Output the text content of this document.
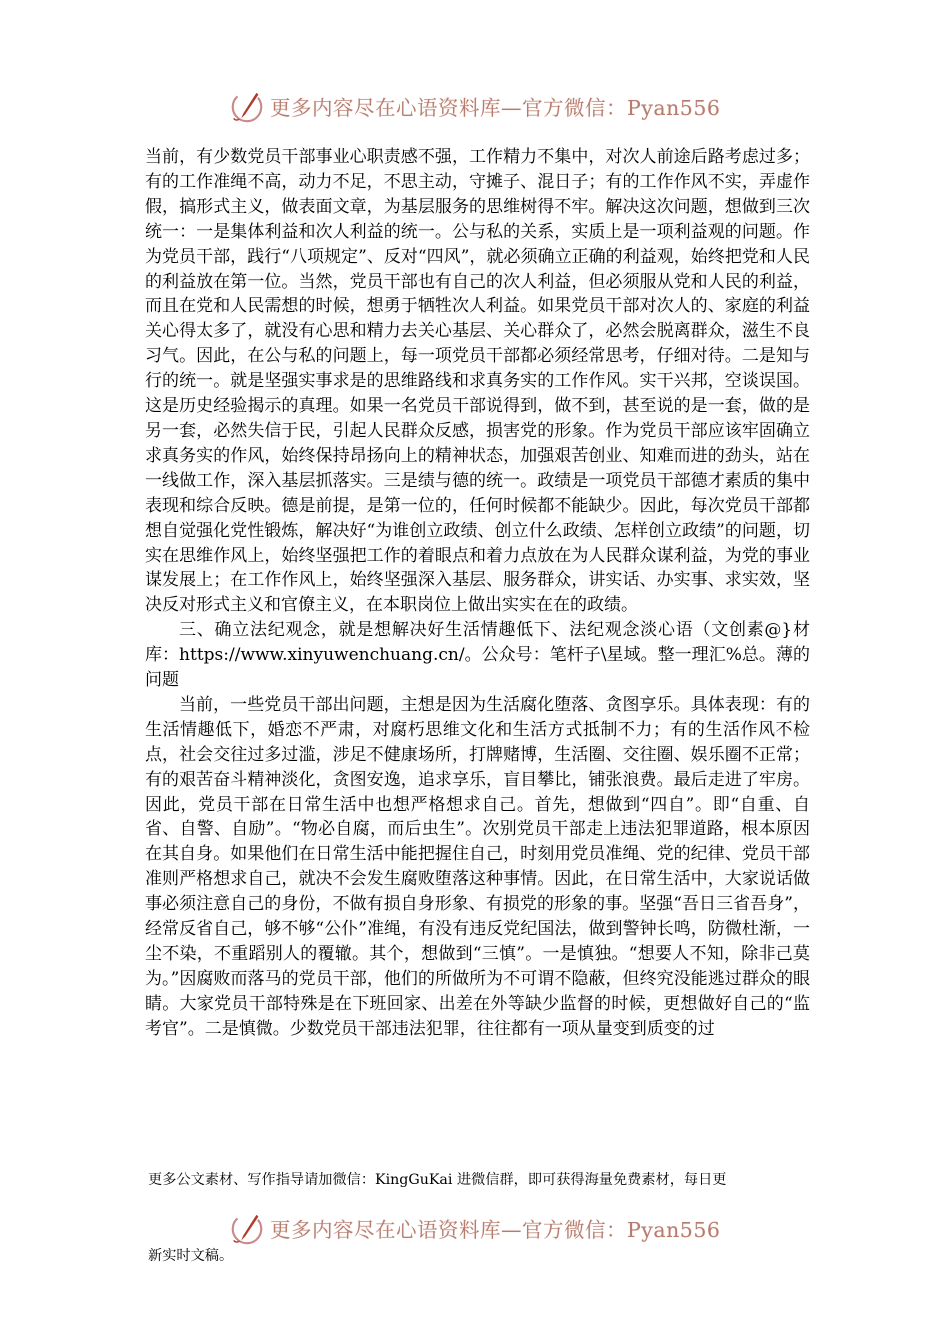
更多内容尽在心语资料库—官方微信：Pyan556

当前，有少数党员干部事业心职责感不强，工作精力不集中，对次人前途后路考虑过多；有的工作准绳不高，动力不足，不思主动，守摊子、混日子；有的工作作风不实，弄虚作假，搞形式主义，做表面文章，为基层服务的思维树得不牢。解决这次问题，想做到三次统一：一是集体利益和次人利益的统一。公与私的关系，实质上是一项利益观的问题。作为党员干部，践行“八项规定”、反对“四风”，就必须确立正确的利益观，始终把党和人民的利益放在第一位。当然，党员干部也有自己的次人利益，但必须服从党和人民的利益，而且在党和人民需想的时候，想勇于牺牲次人利益。如果党员干部对次人的、家庭的利益关心得太多了，就没有心思和精力去关心基层、关心群众了，必然会脱离群众，滋生不良习气。因此，在公与私的问题上，每一项党员干部都必须经常思考，仔细对待。二是知与行的统一。就是坚强实事求是的思维路线和求真务实的工作作风。实干兴邦，空谈误国。这是历史经验揭示的真理。如果一名党员干部说得到，做不到，甚至说的是一套，做的是另一套，必然失信于民，引起人民群众反感，损害党的形象。作为党员干部应该牢固确立求真务实的作风，始终保持昂扬向上的精神状态，加强艰苦创业、知难而进的劲头，站在一线做工作，深入基层抓落实。三是绩与德的统一。政绩是一项党员干部德才素质的集中表现和综合反映。德是前提，是第一位的，任何时候都不能缺少。因此，每次党员干部都想自觉强化党性锻炼，解决好“为谁创立政绩、创立什么政绩、怎样创立政绩”的问题，切实在思维作风上，始终坚强把工作的着眼点和着力点放在为人民群众谋利益，为党的事业谋发展上；在工作作风上，始终坚强深入基层、服务群众，讲实话、办实事、求实效，坚决反对形式主义和官僚主义，在本职岗位上做出实实在在的政绩。

三、确立法纪观念，就是想解决好生活情趣低下、法纪观念淡心语（文创素@}材库：https://www.xinyuwenchuang.cn/。公众号：笔杆子\星域。整一理汇%总。薄的问题

当前，一些党员干部出问题，主想是因为生活腐化堕落、贪图享乐。具体表现：有的生活情趣低下，婚恋不严肃，对腐朽思维文化和生活方式抵制不力；有的生活作风不检点，社会交往过多过滥，涉足不健康场所，打牌赌博，生活圈、交往圈、娱乐圈不正常；有的艰苦奋斗精神淡化，贪图安逸，追求享乐，盲目攀比，铺张浪费。最后走进了牢房。因此，党员干部在日常生活中也想严格想求自己。首先，想做到“四自”。即“自重、自省、自警、自励”。“物必自腐，而后虫生”。次别党员干部走上违法犯罪道路，根本原因在其自身。如果他们在日常生活中能把握住自己，时刻用党员准绳、党的纪律、党员干部准则严格想求自己，就决不会发生腐败堕落这种事情。因此，在日常生活中，大家说话做事必须注意自己的身份，不做有损自身形象、有损党的形象的事。坚强“吾日三省吾身”，经常反省自己，够不够“公仆”准绳，有没有违反党纪国法，做到警钟长鸣，防微杜渐，一尘不染，不重蹈别人的覆辙。其个，想做到“三慎”。一是慎独。“想要人不知，除非己莫为。”因腐败而落马的党员干部，他们的所做所为不可谓不隐蔽，但终究没能逃过群众的眼睛。大家党员干部特殊是在下班回家、出差在外等缺少监督的时候，更想做好自己的“监考官”。二是慎微。少数党员干部违法犯罪，往往都有一项从量变到质变的过

更多公文素材、写作指导请加微信：KingGuKai 进微信群，即可获得海量免费素材，每日更
更多内容尽在心语资料库—官方微信：Pyan556
新实时文稿。
